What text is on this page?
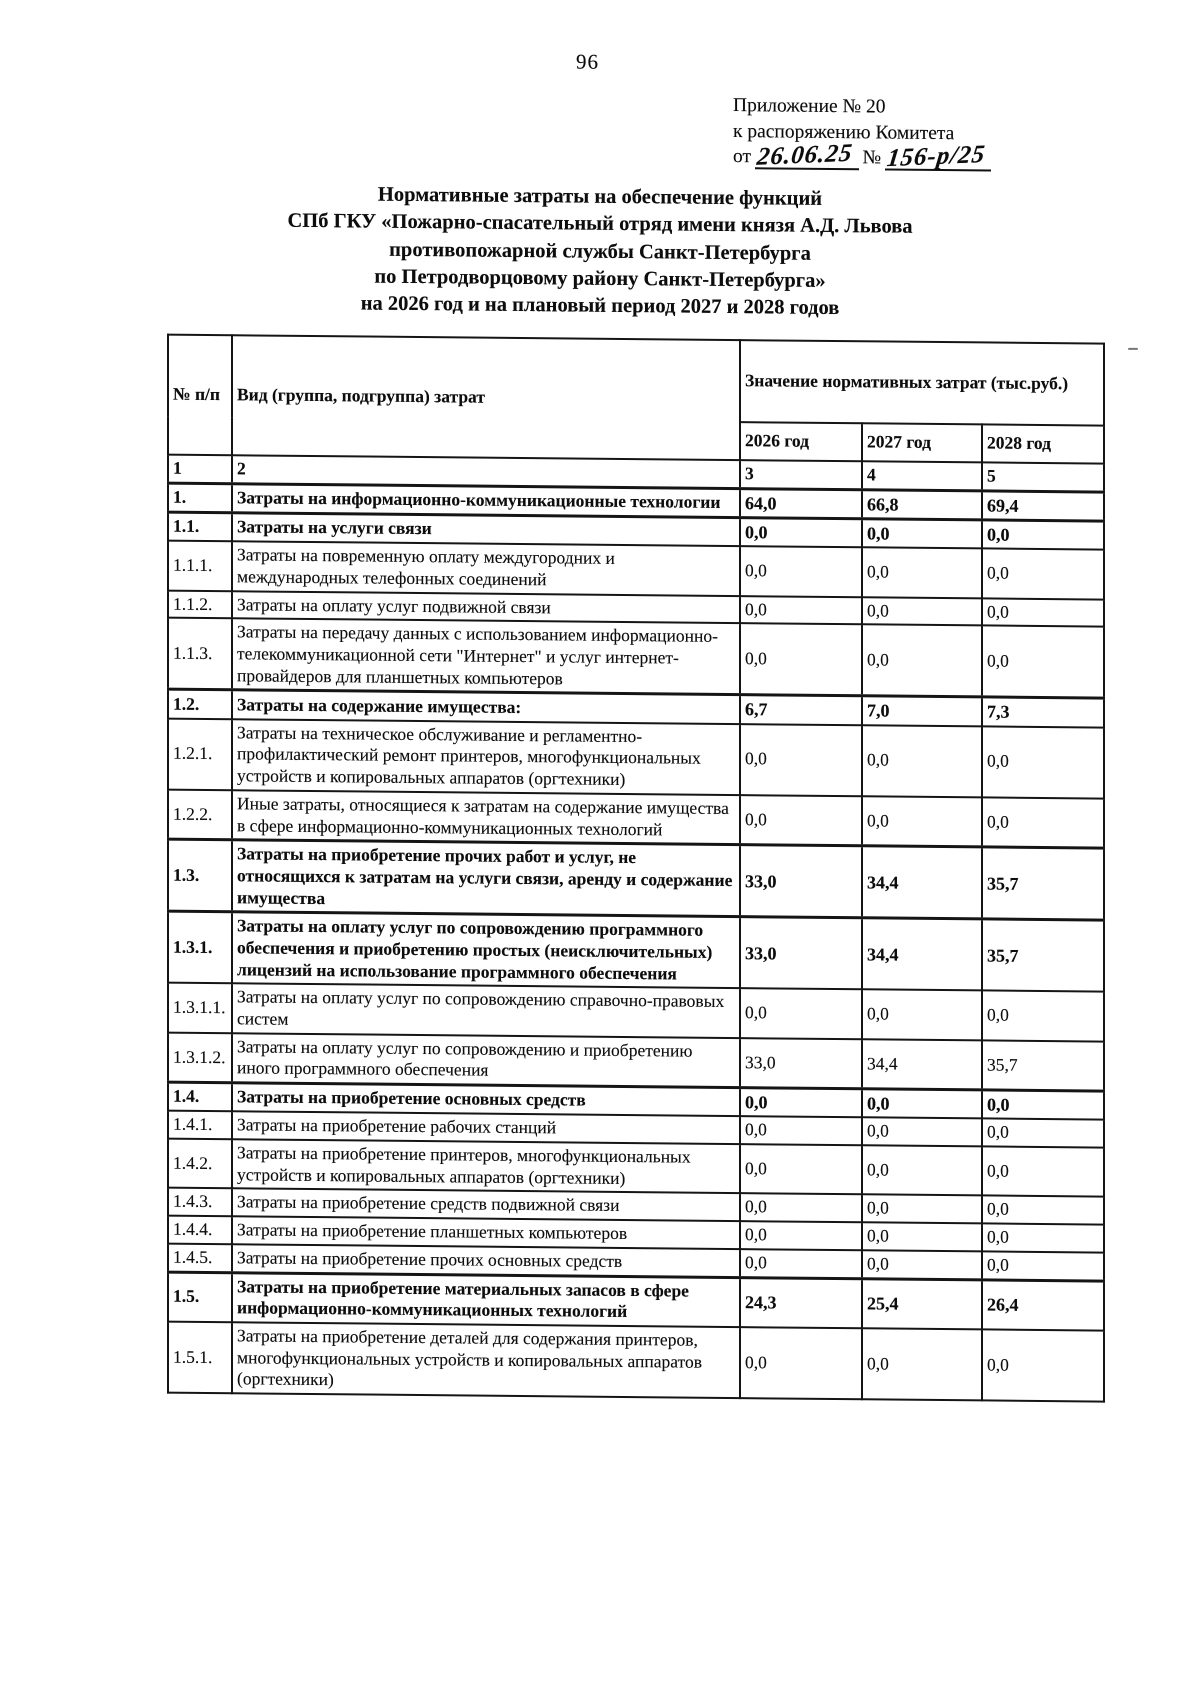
96
Приложение № 20
к распоряжению Комитета
от 26.06.25 № 156-р/25
Нормативные затраты на обеспечение функций
СПб ГКУ «Пожарно-спасательный отряд имени князя А.Д. Львова
противопожарной службы Санкт-Петербурга
по Петродворцовому району Санкт-Петербурга»
на 2026 год и на плановый период 2027 и 2028 годов
№ п/п	Вид (группа, подгруппа) затрат	Значение нормативных затрат (тыс.руб.)		
		2026 год	2027 год	2028 год
1	2	3	4	5
1.	Затраты на информационно-коммуникационные технологии	64,0	66,8	69,4
1.1.	Затраты на услуги связи	0,0	0,0	0,0
1.1.1.	Затраты на повременную оплату междугородних и международных телефонных соединений	0,0	0,0	0,0
1.1.2.	Затраты на оплату услуг подвижной связи	0,0	0,0	0,0
1.1.3.	Затраты на передачу данных с использованием информационно-телекоммуникационной сети "Интернет" и услуг интернет-провайдеров для планшетных компьютеров	0,0	0,0	0,0
1.2.	Затраты на содержание имущества:	6,7	7,0	7,3
1.2.1.	Затраты на техническое обслуживание и регламентно-профилактический ремонт принтеров, многофункциональных устройств и копировальных аппаратов (оргтехники)	0,0	0,0	0,0
1.2.2.	Иные затраты, относящиеся к затратам на содержание имущества в сфере информационно-коммуникационных технологий	0,0	0,0	0,0
1.3.	Затраты на приобретение прочих работ и услуг, не относящихся к затратам на услуги связи, аренду и содержание имущества	33,0	34,4	35,7
1.3.1.	Затраты на оплату услуг по сопровождению программного обеспечения и приобретению простых (неисключительных) лицензий на использование программного обеспечения	33,0	34,4	35,7
1.3.1.1.	Затраты на оплату услуг по сопровождению справочно-правовых систем	0,0	0,0	0,0
1.3.1.2.	Затраты на оплату услуг по сопровождению и приобретению иного программного обеспечения	33,0	34,4	35,7
1.4.	Затраты на приобретение основных средств	0,0	0,0	0,0
1.4.1.	Затраты на приобретение рабочих станций	0,0	0,0	0,0
1.4.2.	Затраты на приобретение принтеров, многофункциональных устройств и копировальных аппаратов (оргтехники)	0,0	0,0	0,0
1.4.3.	Затраты на приобретение средств подвижной связи	0,0	0,0	0,0
1.4.4.	Затраты на приобретение планшетных компьютеров	0,0	0,0	0,0
1.4.5.	Затраты на приобретение прочих основных средств	0,0	0,0	0,0
1.5.	Затраты на приобретение материальных запасов в сфере информационно-коммуникационных технологий	24,3	25,4	26,4
1.5.1.	Затраты на приобретение деталей для содержания принтеров, многофункциональных устройств и копировальных аппаратов (оргтехники)	0,0	0,0	0,0
